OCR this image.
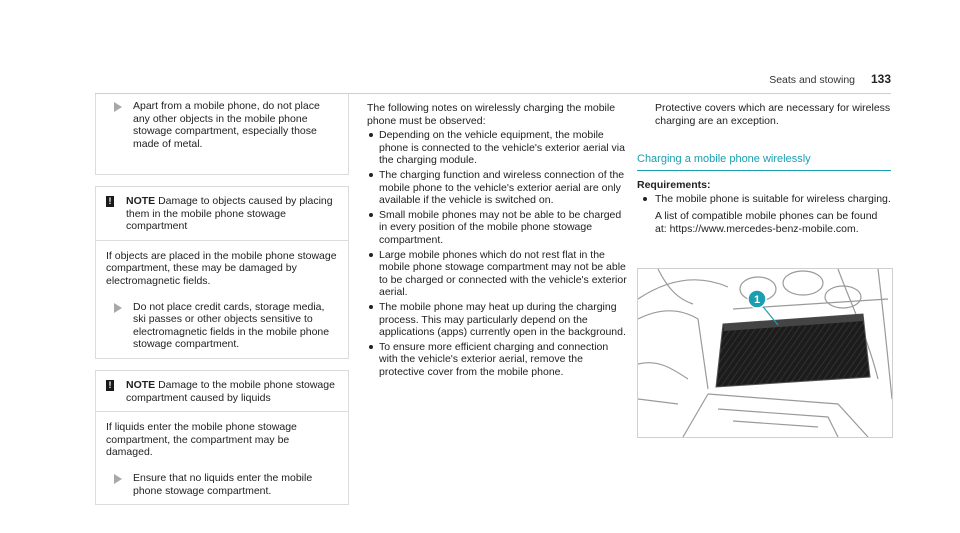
Seats and stowing 133
Apart from a mobile phone, do not place any other objects in the mobile phone stowage compartment, especially those made of metal.
! NOTE Damage to objects caused by placing them in the mobile phone stowage compartment

If objects are placed in the mobile phone stowage compartment, these may be damaged by electromagnetic fields.

Do not place credit cards, storage media, ski passes or other objects sensitive to electromagnetic fields in the mobile phone stowage compartment.
! NOTE Damage to the mobile phone stowage compartment caused by liquids

If liquids enter the mobile phone stowage compartment, the compartment may be damaged.

Ensure that no liquids enter the mobile phone stowage compartment.

The following notes on wirelessly charging the mobile phone must be observed:

Depending on the vehicle equipment, the mobile phone is connected to the vehicle's exterior aerial via the charging module.
The charging function and wireless connection of the mobile phone to the vehicle's exterior aerial are only available if the vehicle is switched on.
Small mobile phones may not be able to be charged in every position of the mobile phone stowage compartment.
Large mobile phones which do not rest flat in the mobile phone stowage compartment may not be able to be charged or connected with the vehicle's exterior aerial.
The mobile phone may heat up during the charging process. This may particularly depend on the applications (apps) currently open in the background.
To ensure more efficient charging and connection with the vehicle's exterior aerial, remove the protective cover from the mobile phone.

Protective covers which are necessary for wireless charging are an exception.

Charging a mobile phone wirelessly
Requirements:
The mobile phone is suitable for wireless charging.

A list of compatible mobile phones can be found at: https://www.mercedes-benz-mobile.com.

1
